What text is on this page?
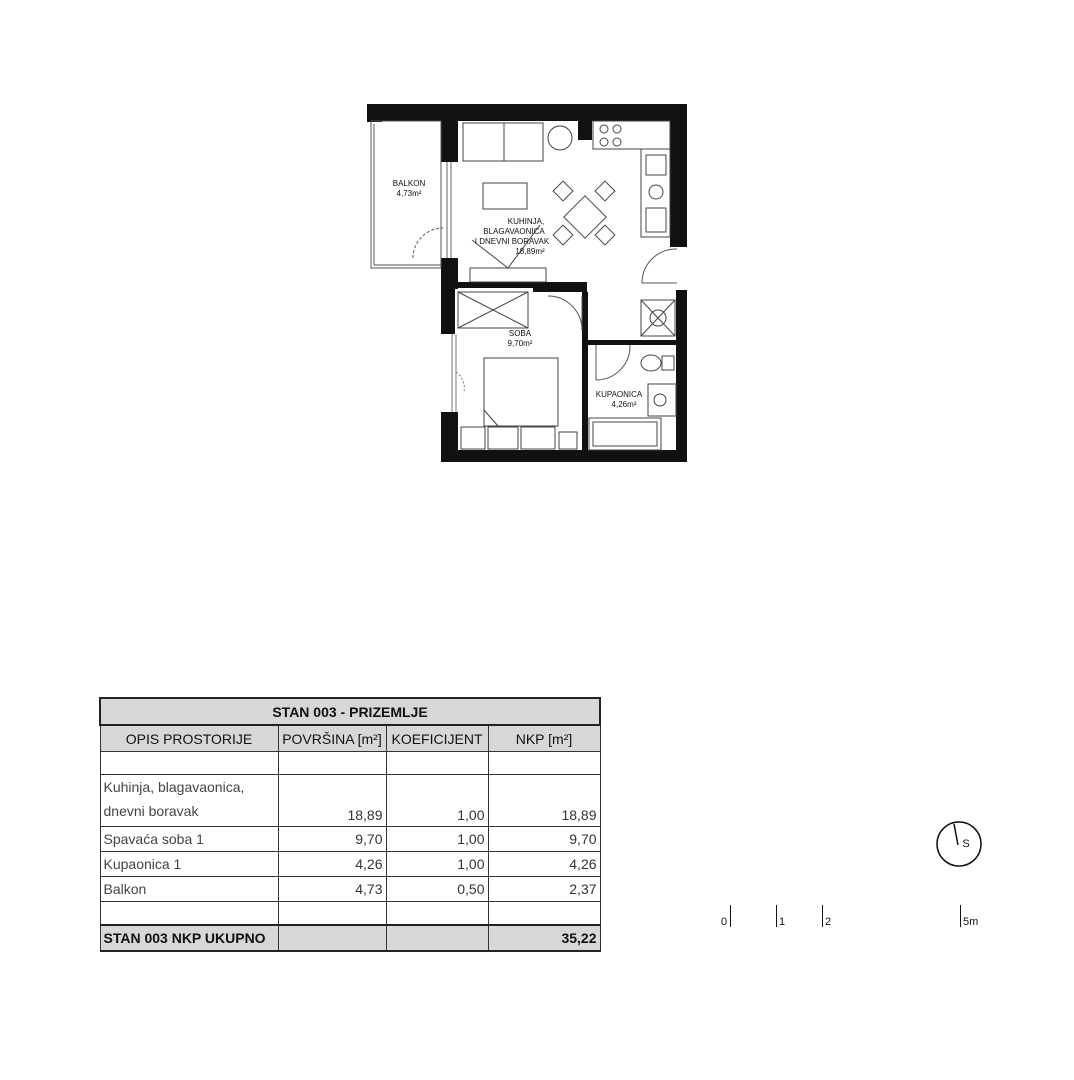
BALKON
4,73m²
KUHINJA,
BLAGAVAONICA
I DNEVNI BORAVAK
18,89m²
SOBA
9,70m²
KUPAONICA
4,26m²
STAN 003 - PRIZEMLJE			
OPIS PROSTORIJE	POVRŠINA [m²]	KOEFICIJENT	NKP [m²]

Kuhinja, blagavaonica,
dnevni boravak	18,89	1,00	18,89
Spavaća soba 1	9,70	1,00	9,70
Kupaonica 1	4,26	1,00	4,26
Balkon	4,73	0,50	2,37

STAN 003 NKP UKUPNO			35,22
0	1	2	5m
S
